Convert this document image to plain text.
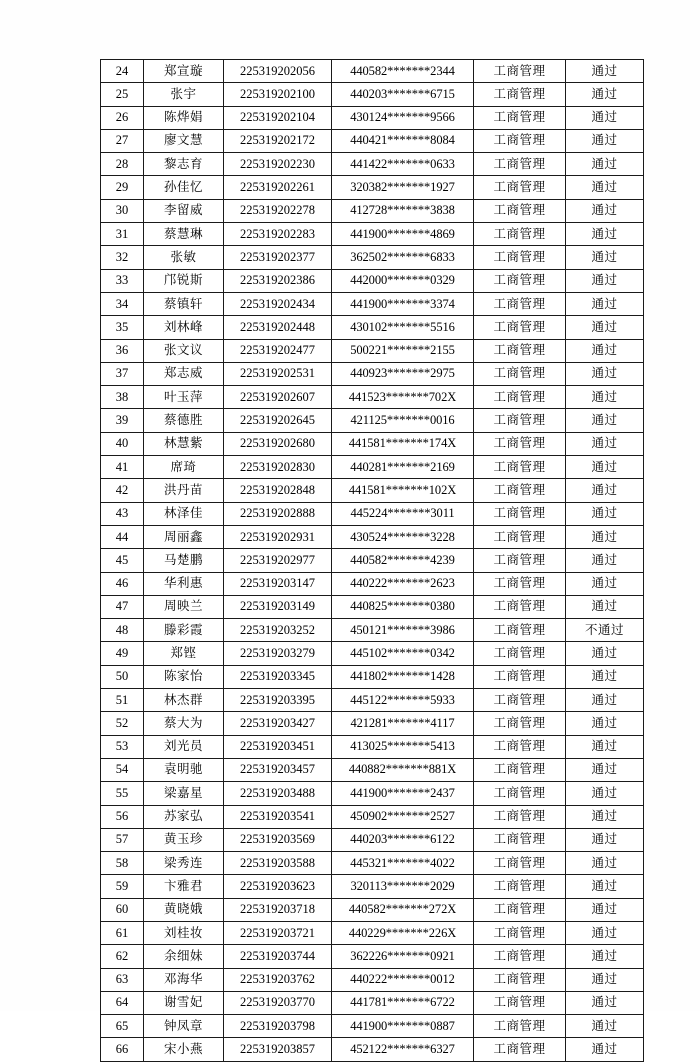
24	郑宣璇	225319202056	440582*******2344	工商管理	通过
25	张宇	225319202100	440203*******6715	工商管理	通过
26	陈烨娟	225319202104	430124*******9566	工商管理	通过
27	廖文慧	225319202172	440421*******8084	工商管理	通过
28	黎志育	225319202230	441422*******0633	工商管理	通过
29	孙佳忆	225319202261	320382*******1927	工商管理	通过
30	李留威	225319202278	412728*******3838	工商管理	通过
31	蔡慧琳	225319202283	441900*******4869	工商管理	通过
32	张敏	225319202377	362502*******6833	工商管理	通过
33	邝锐斯	225319202386	442000*******0329	工商管理	通过
34	蔡镇轩	225319202434	441900*******3374	工商管理	通过
35	刘林峰	225319202448	430102*******5516	工商管理	通过
36	张文议	225319202477	500221*******2155	工商管理	通过
37	郑志威	225319202531	440923*******2975	工商管理	通过
38	叶玉萍	225319202607	441523*******702X	工商管理	通过
39	蔡德胜	225319202645	421125*******0016	工商管理	通过
40	林慧紫	225319202680	441581*******174X	工商管理	通过
41	席琦	225319202830	440281*******2169	工商管理	通过
42	洪丹苗	225319202848	441581*******102X	工商管理	通过
43	林泽佳	225319202888	445224*******3011	工商管理	通过
44	周丽鑫	225319202931	430524*******3228	工商管理	通过
45	马楚鹏	225319202977	440582*******4239	工商管理	通过
46	华利惠	225319203147	440222*******2623	工商管理	通过
47	周映兰	225319203149	440825*******0380	工商管理	通过
48	滕彩霞	225319203252	450121*******3986	工商管理	不通过
49	郑铿	225319203279	445102*******0342	工商管理	通过
50	陈家怡	225319203345	441802*******1428	工商管理	通过
51	林杰群	225319203395	445122*******5933	工商管理	通过
52	蔡大为	225319203427	421281*******4117	工商管理	通过
53	刘光员	225319203451	413025*******5413	工商管理	通过
54	袁明驰	225319203457	440882*******881X	工商管理	通过
55	梁嘉星	225319203488	441900*******2437	工商管理	通过
56	苏家弘	225319203541	450902*******2527	工商管理	通过
57	黄玉珍	225319203569	440203*******6122	工商管理	通过
58	梁秀连	225319203588	445321*******4022	工商管理	通过
59	卞雅君	225319203623	320113*******2029	工商管理	通过
60	黄晓娥	225319203718	440582*******272X	工商管理	通过
61	刘桂妆	225319203721	440229*******226X	工商管理	通过
62	余细妹	225319203744	362226*******0921	工商管理	通过
63	邓海华	225319203762	440222*******0012	工商管理	通过
64	谢雪妃	225319203770	441781*******6722	工商管理	通过
65	钟凤章	225319203798	441900*******0887	工商管理	通过
66	宋小燕	225319203857	452122*******6327	工商管理	通过
